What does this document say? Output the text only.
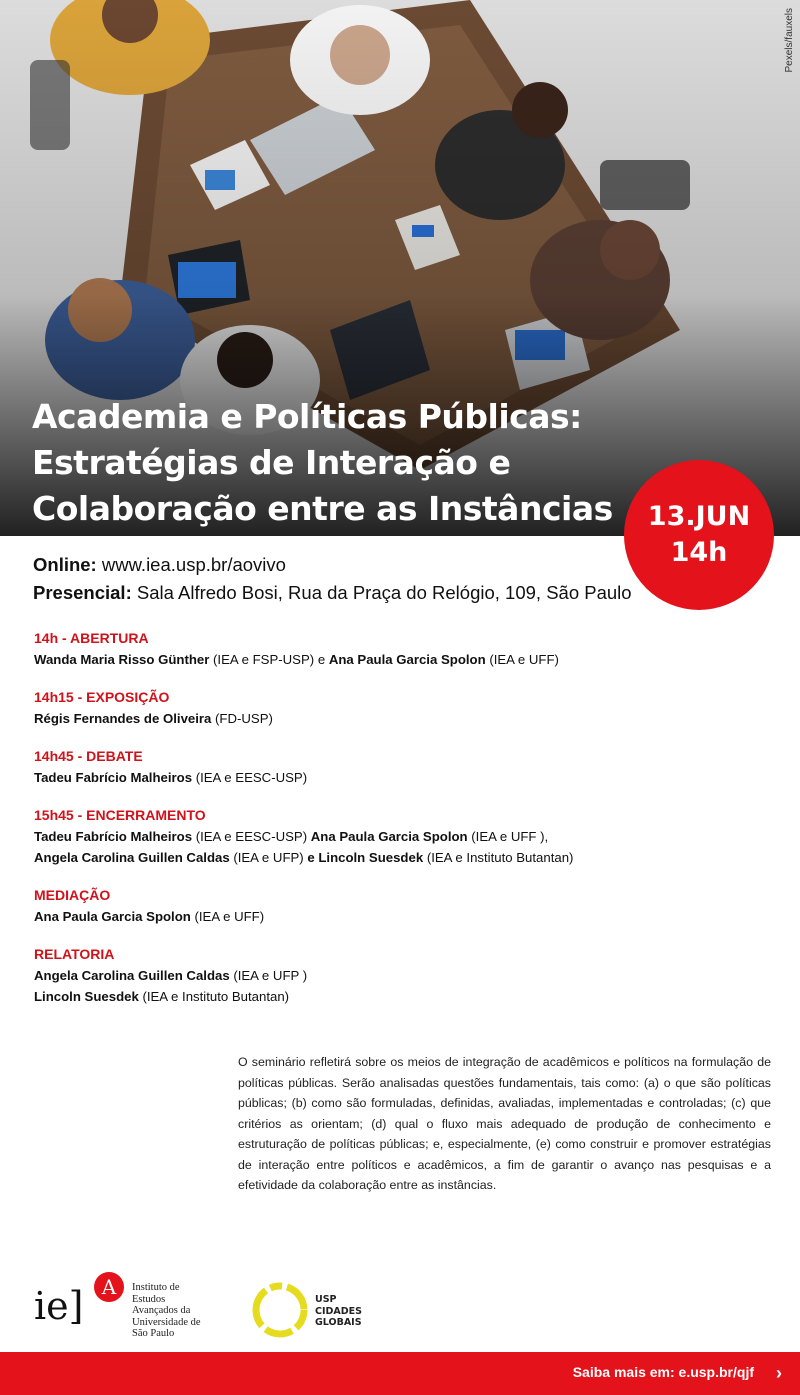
Pexels/fauxels
Academia e Políticas Públicas:
Estratégias de Interação e
Colaboração entre as Instâncias	13.JUN
14h
Online: www.iea.usp.br/aovivo
Presencial: Sala Alfredo Bosi, Rua da Praça do Relógio, 109, São Paulo
14h - ABERTURA
Wanda Maria Risso Günther (IEA e FSP-USP) e Ana Paula Garcia Spolon (IEA e UFF)
14h15 - EXPOSIÇÃO
Régis Fernandes de Oliveira (FD-USP)
14h45 - DEBATE
Tadeu Fabrício Malheiros (IEA e EESC-USP)
15h45 - ENCERRAMENTO
Tadeu Fabrício Malheiros (IEA e EESC-USP) Ana Paula Garcia Spolon (IEA e UFF ),
Angela Carolina Guillen Caldas (IEA e UFP) e Lincoln Suesdek (IEA e Instituto Butantan)
MEDIAÇÃO
Ana Paula Garcia Spolon (IEA e UFF)
RELATORIA
Angela Carolina Guillen Caldas (IEA e UFP )
Lincoln Suesdek (IEA e Instituto Butantan)
O seminário refletirá sobre os meios de integração de acadêmicos e políticos na formulação de políticas públicas. Serão analisadas questões fundamentais, tais como: (a) o que são políticas públicas; (b) como são formuladas, definidas, avaliadas, implementadas e controladas; (c) que critérios as orientam; (d) qual o fluxo mais adequado de produção de conhecimento e estruturação de políticas públicas; e, especialmente, (e) como construir e promover estratégias de interação entre políticos e acadêmicos, a fim de garantir o avanço nas pesquisas e a efetividade da colaboração entre as instâncias.
ie] A	Instituto de
Estudos
Avançados da
Universidade de
São Paulo
USP
CIDADES
GLOBAIS
Saiba mais em: e.usp.br/qjf ›
